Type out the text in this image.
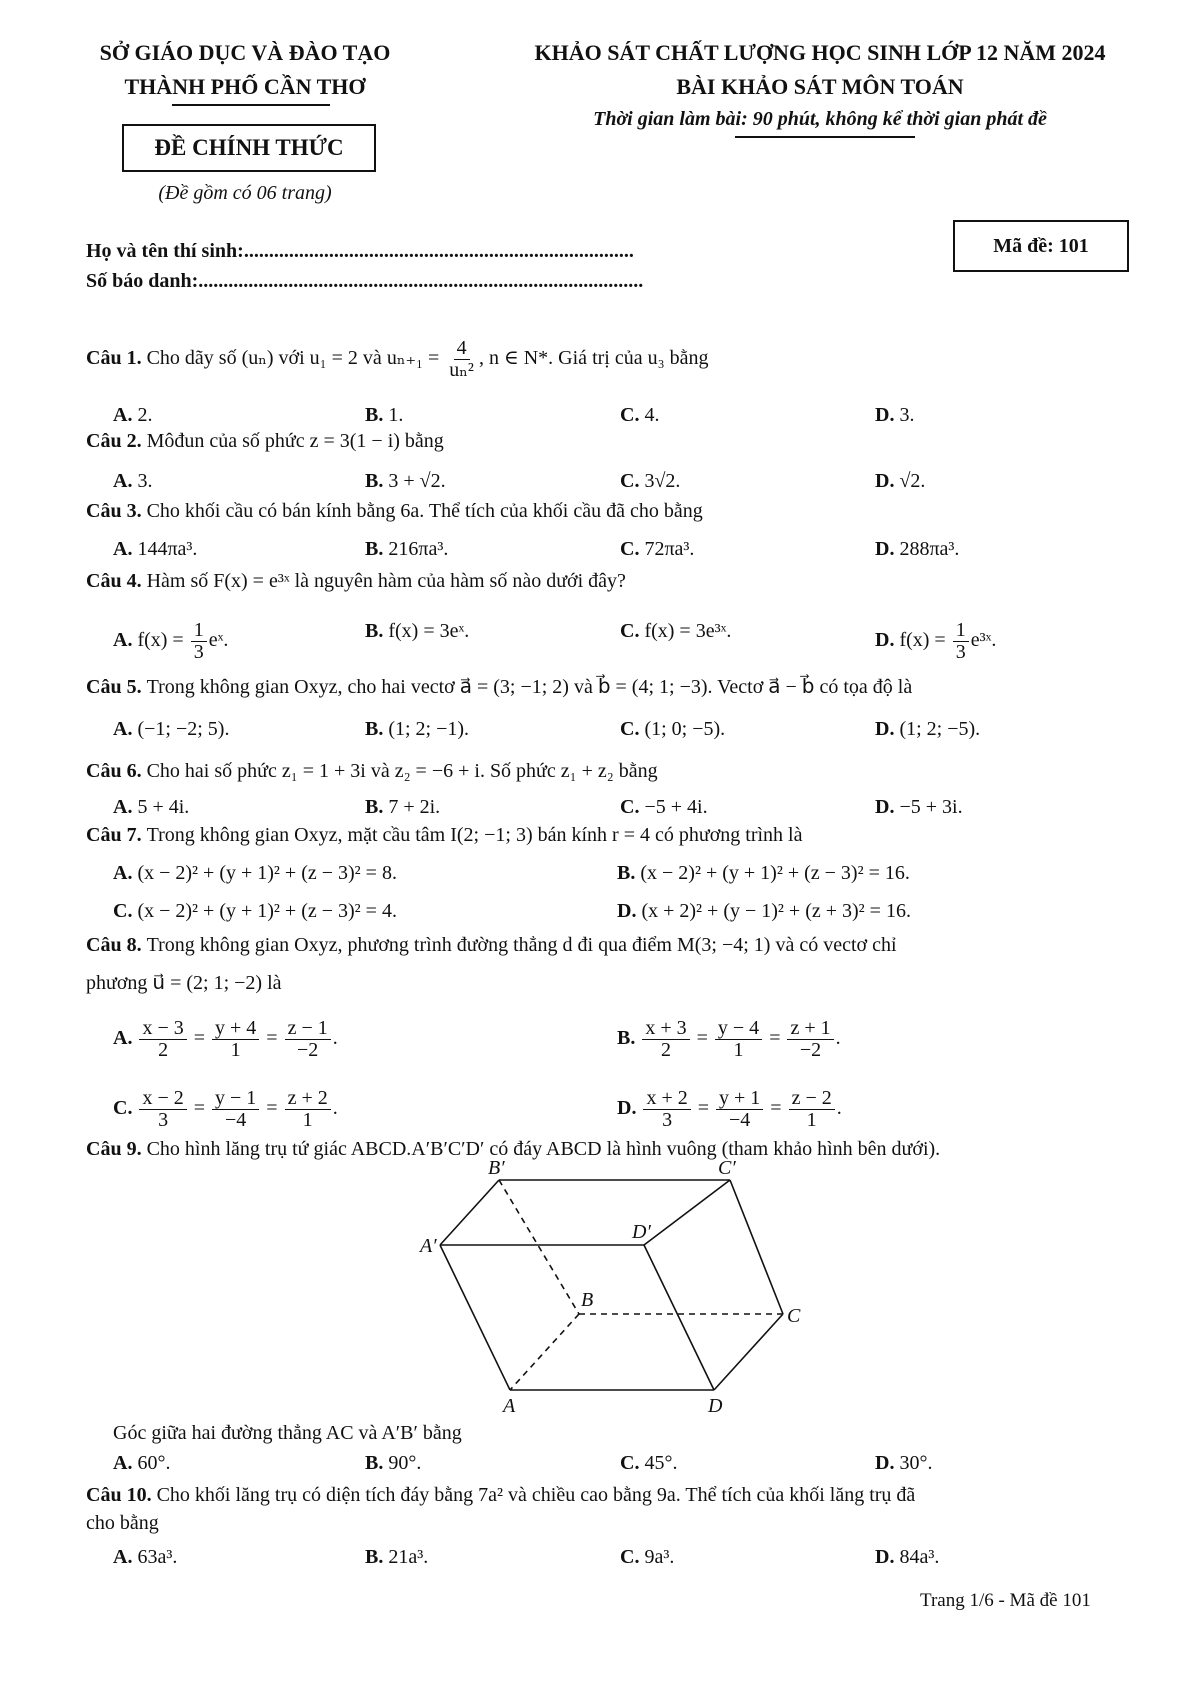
SỞ GIÁO DỤC VÀ ĐÀO TẠO
THÀNH PHỐ CẦN THƠ
ĐỀ CHÍNH THỨC
(Đề gồm có 06 trang)
KHẢO SÁT CHẤT LƯỢNG HỌC SINH LỚP 12 NĂM 2024
BÀI KHẢO SÁT MÔN TOÁN
Thời gian làm bài: 90 phút, không kể thời gian phát đề
Họ và tên thí sinh:..............................................................................
Số báo danh:.........................................................................................
Mã đề: 101
Câu 1. Cho dãy số (uₙ) với u₁ = 2 và $u_{n+1} = \frac{4}{\text{uₙ²}}$ , n ∈ N*. Giá trị của u₃ bằng
A. 2.	B. 1.	C. 4.	D. 3.
Câu 2. Môđun của số phức z = 3(1 − i) bằng
A. 3.	B. 3 + √2.	C. 3√2.	D. √2.
Câu 3. Cho khối cầu có bán kính bằng 6a. Thể tích của khối cầu đã cho bằng
A. 144πa³.	B. 216πa³.	C. 72πa³.	D. 288πa³.
Câu 4. Hàm số F(x) = e³ˣ là nguyên hàm của hàm số nào dưới đây?
A. $f(x) = \frac{1}{3}$ eˣ.	B. f(x) = 3eˣ.	C. f(x) = 3e³ˣ.	D. $f(x) = \frac{1}{3}$ e³ˣ.
Câu 5. Trong không gian Oxyz, cho hai vectơ a⃗ = (3; −1; 2) và b⃗ = (4; 1; −3). Vectơ a⃗ − b⃗ có tọa độ là
A. (−1; −2; 5).	B. (1; 2; −1).	C. (1; 0; −5).	D. (1; 2; −5).
Câu 6. Cho hai số phức z₁ = 1 + 3i và z₂ = −6 + i. Số phức z₁ + z₂ bằng
A. 5 + 4i.	B. 7 + 2i.	C. −5 + 4i.	D. −5 + 3i.
Câu 7. Trong không gian Oxyz, mặt cầu tâm I(2; −1; 3) bán kính r = 4 có phương trình là
A. (x − 2)² + (y + 1)² + (z − 3)² = 8.	B. (x − 2)² + (y + 1)² + (z − 3)² = 16.
C. (x − 2)² + (y + 1)² + (z − 3)² = 4.	D. (x + 2)² + (y − 1)² + (z + 3)² = 16.
Câu 8. Trong không gian Oxyz, phương trình đường thẳng d đi qua điểm M(3; −4; 1) và có vectơ chỉ
phương u⃗ = (2; 1; −2) là
A. $\frac{x - 3}{2} = \frac{y + 4}{1} = \frac{z - 1}{-2}$ .	B. $\frac{x + 3}{2} = \frac{y - 4}{1} = \frac{z + 1}{-2}$ .
C. $\frac{x - 2}{3} = \frac{y - 1}{-4} = \frac{z + 2}{1}$ .	D. $\frac{x + 2}{3} = \frac{y + 1}{-4} = \frac{z - 2}{1}$ .
Câu 9. Cho hình lăng trụ tứ giác ABCD.A′B′C′D′ có đáy ABCD là hình vuông (tham khảo hình bên dưới).
Góc giữa hai đường thẳng AC và A′B′ bằng
A. 60°.	B. 90°.	C. 45°.	D. 30°.
Câu 10. Cho khối lăng trụ có diện tích đáy bằng 7a² và chiều cao bằng 9a. Thể tích của khối lăng trụ đã
cho bằng
A. 63a³.	B. 21a³.	C. 9a³.	D. 84a³.
B′	C′
A′
D′
B
C
A	D
Trang 1/6 - Mã đề 101
